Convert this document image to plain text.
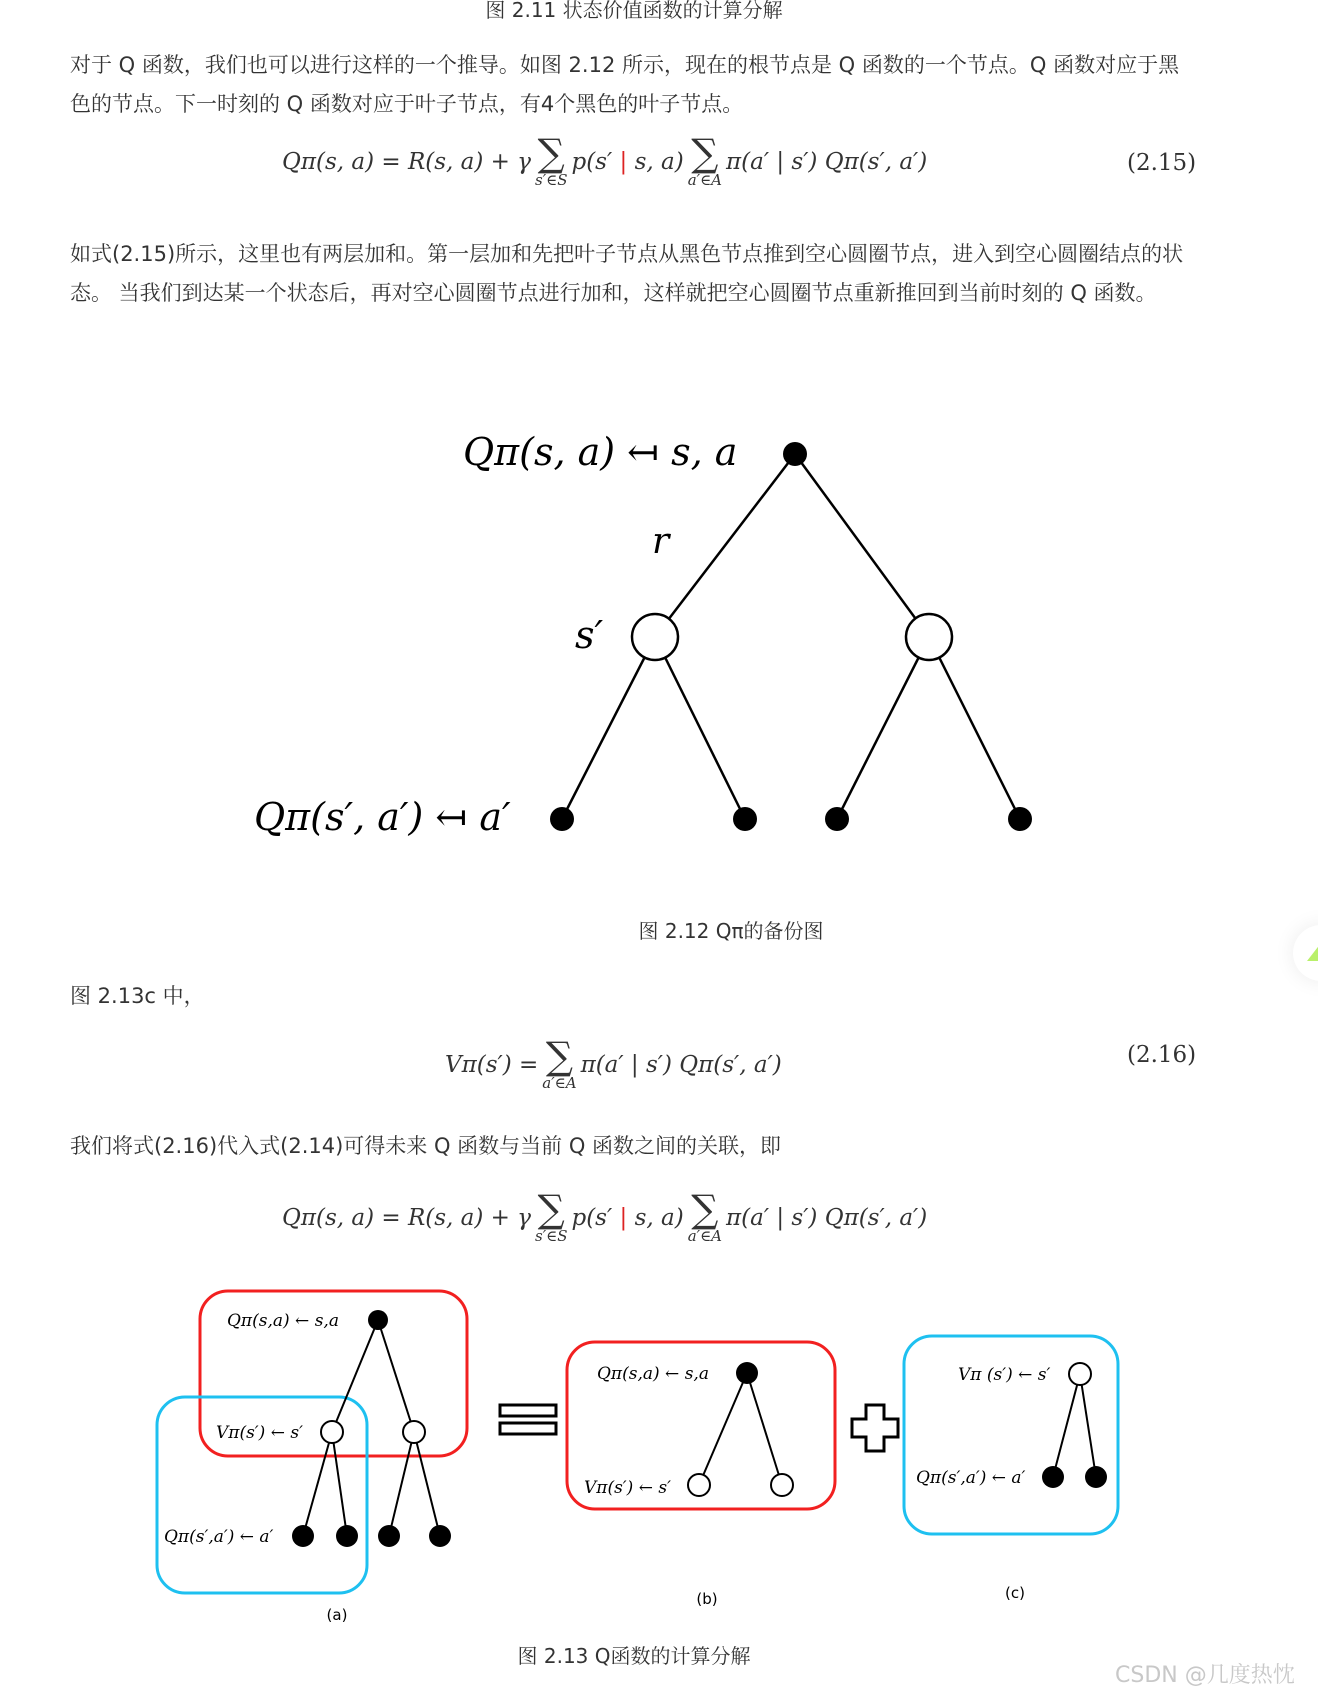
图 2.11 状态价值函数的计算分解
对于 Q 函数，我们也可以进行这样的一个推导。如图 2.12 所示，现在的根节点是 Q 函数的一个节点。Q 函数对应于黑色的节点。下一时刻的 Q 函数对应于叶子节点，有4个黑色的叶子节点。
Qπ(s, a) = R(s, a) + γ ∑
s′∈S
p(s′
|
s, a) ∑
a′∈A
π(a′ | s′) Qπ(s′, a′)	(2.15)
如式(2.15)所示，这里也有两层加和。第一层加和先把叶子节点从黑色节点推到空心圆圈节点，进入到空心圆圈结点的状态。 当我们到达某一个状态后，再对空心圆圈节点进行加和，这样就把空心圆圈节点重新推回到当前时刻的 Q 函数。
Qπ(s, a) ↤ s, a
r
s′
Qπ(s′, a′) ↤ a′
图 2.12 Qπ的备份图
图 2.13c 中，
Vπ(s′) = ∑
a′∈A
π(a′ | s′) Qπ(s′, a′)	(2.16)
我们将式(2.16)代入式(2.14)可得未来 Q 函数与当前 Q 函数之间的关联，即
Qπ(s, a) = R(s, a) + γ ∑
s′∈S
p(s′
|
s, a) ∑
a′∈A
π(a′ | s′) Qπ(s′, a′)
Qπ(s,a) ← s,a
Vπ(s′) ← s′
Qπ(s′,a′) ← a′
(a)
Qπ(s,a) ← s,a
Vπ(s′) ← s′
(b)
Vπ (s′) ← s′
Qπ(s′,a′) ← a′
(c)
图 2.13 Q函数的计算分解
CSDN @几度热忱
